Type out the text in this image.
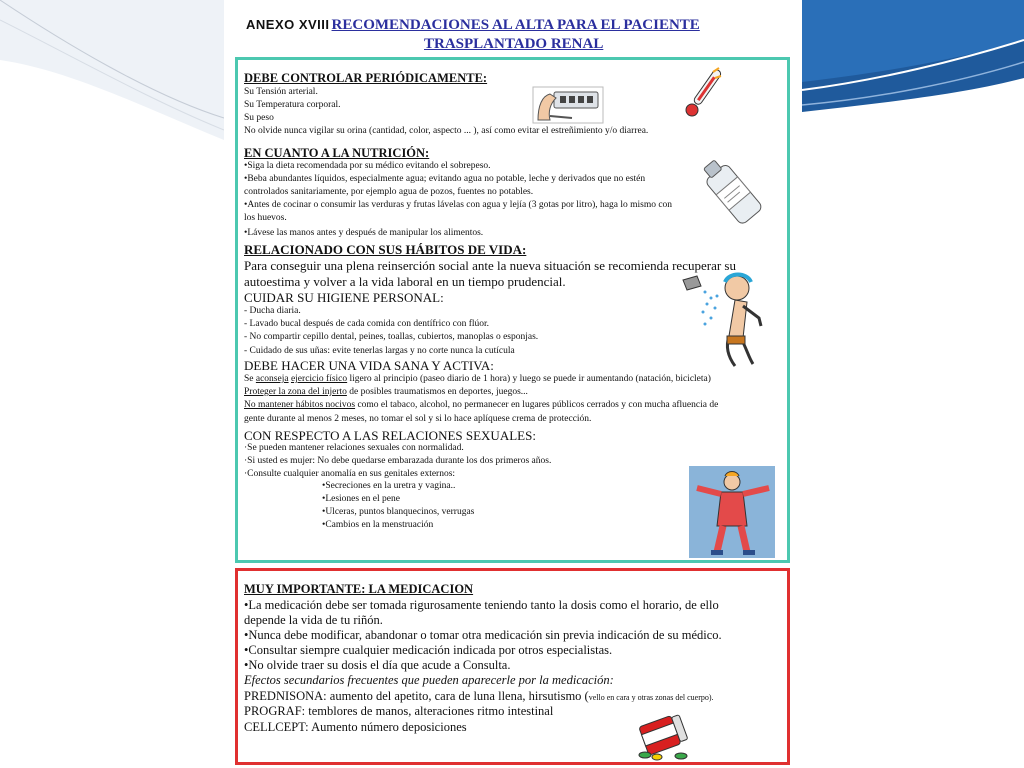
ANEXO XVIII RECOMENDACIONES AL ALTA PARA EL PACIENTE
TRASPLANTADO RENAL
DEBE CONTROLAR PERIÓDICAMENTE:
Su Tensión arterial.
Su Temperatura corporal.
Su peso
No olvide nunca vigilar su orina (cantidad, color, aspecto ... ), así como evitar el estreñimiento y/o diarrea.
EN CUANTO A LA NUTRICIÓN:
•Siga la dieta recomendada por su médico evitando el sobrepeso.
•Beba abundantes líquidos, especialmente agua; evitando agua no potable, leche y derivados que no estén
controlados sanitariamente, por ejemplo agua de pozos, fuentes no potables.
•Antes de cocinar o consumir las verduras y frutas lávelas con agua y lejía (3 gotas por litro), haga lo mismo con
los huevos.
•Lávese las manos antes y después de manipular los alimentos.
RELACIONADO CON SUS HÁBITOS DE VIDA:
Para conseguir una plena reinserción social ante la nueva situación se recomienda recuperar su
autoestima y volver a la vida laboral en un tiempo prudencial.
CUIDAR SU HIGIENE PERSONAL:
- Ducha diaria.
- Lavado bucal después de cada comida con dentífrico con flúor.
- No compartir cepillo dental, peines, toallas, cubiertos, manoplas o esponjas.
- Cuidado de sus uñas: evite tenerlas largas y no corte nunca la cutícula
DEBE HACER UNA VIDA SANA Y ACTIVA:
Se aconseja ejercicio físico ligero al principio (paseo diario de 1 hora) y luego se puede ir aumentando (natación, bicicleta)
Proteger la zona del injerto de posibles traumatismos en deportes, juegos...
No mantener hábitos nocivos como el tabaco, alcohol, no permanecer en lugares públicos cerrados y con mucha afluencia de
gente durante al menos 2 meses, no tomar el sol y si lo hace aplíquese crema de protección.
CON RESPECTO A LAS RELACIONES SEXUALES:
·Se pueden mantener relaciones sexuales con normalidad.
·Si usted es mujer: No debe quedarse embarazada durante los dos primeros años.
·Consulte cualquier anomalía en sus genitales externos:
•Secreciones en la uretra y vagina..
•Lesiones en el pene
•Ulceras, puntos blanquecinos, verrugas
•Cambios en la menstruación
MUY IMPORTANTE: LA MEDICACION
•La medicación debe ser tomada rigurosamente teniendo tanto la dosis como el horario, de ello
depende la vida de tu riñón.
•Nunca debe modificar, abandonar o tomar otra medicación sin previa indicación de su médico.
•Consultar siempre cualquier medicación indicada por otros especialistas.
•No olvide traer su dosis el día que acude a Consulta.
Efectos secundarios frecuentes que pueden aparecerle por la medicación:
PREDNISONA: aumento del apetito, cara de luna llena, hirsutismo (vello en cara y otras zonas del cuerpo).
PROGRAF: temblores de manos, alteraciones ritmo intestinal
CELLCEPT: Aumento número deposiciones
